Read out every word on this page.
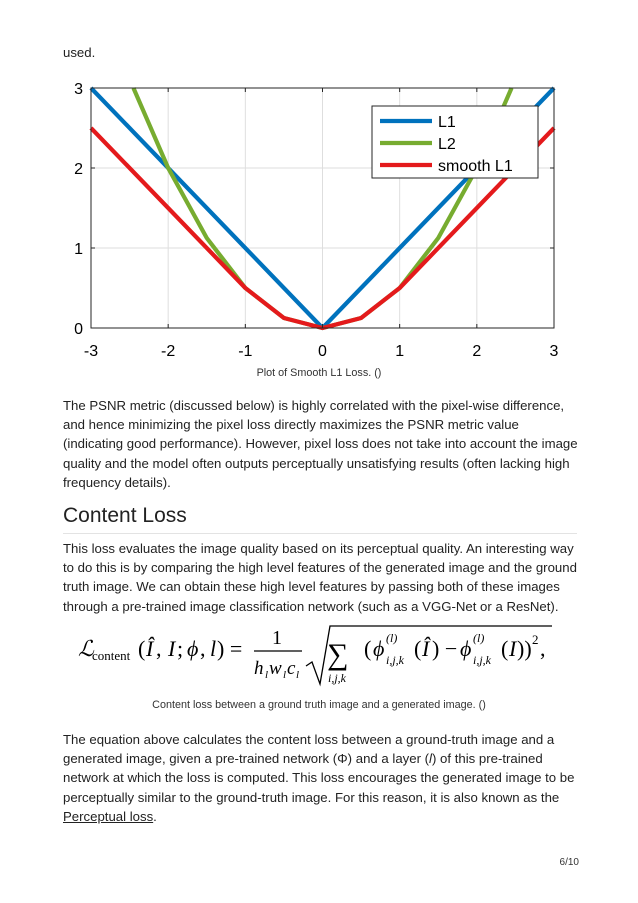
used.
-3	-2	-1	0	1	2	3
0
1
2
3
L1
L2
smooth L1
Plot of Smooth L1 Loss. ()
The PSNR metric (discussed below) is highly correlated with the pixel-wise difference, and hence minimizing the pixel loss directly maximizes the PSNR metric value (indicating good performance). However, pixel loss does not take into account the image quality and the model often outputs perceptually unsatisfying results (often lacking high frequency details).
Content Loss
This loss evaluates the image quality based on its perceptual quality. An interesting way to do this is by comparing the high level features of the generated image and the ground truth image. We can obtain these high level features by passing both of these images through a pre-trained image classification network (such as a VGG-Net or a ResNet).
ℒ
content ( Î , I ; ϕ , l ) = 1
h l w l c l
∑
i,j,k
( ϕ (l)
i,j,k ( Î ) − ϕ (l)
i,j,k ( I )) 2 ,
Content loss between a ground truth image and a generated image. ()
The equation above calculates the content loss between a ground-truth image and a generated image, given a pre-trained network (Φ) and a layer (l) of this pre-trained network at which the loss is computed. This loss encourages the generated image to be perceptually similar to the ground-truth image. For this reason, it is also known as the Perceptual loss.
6/10
